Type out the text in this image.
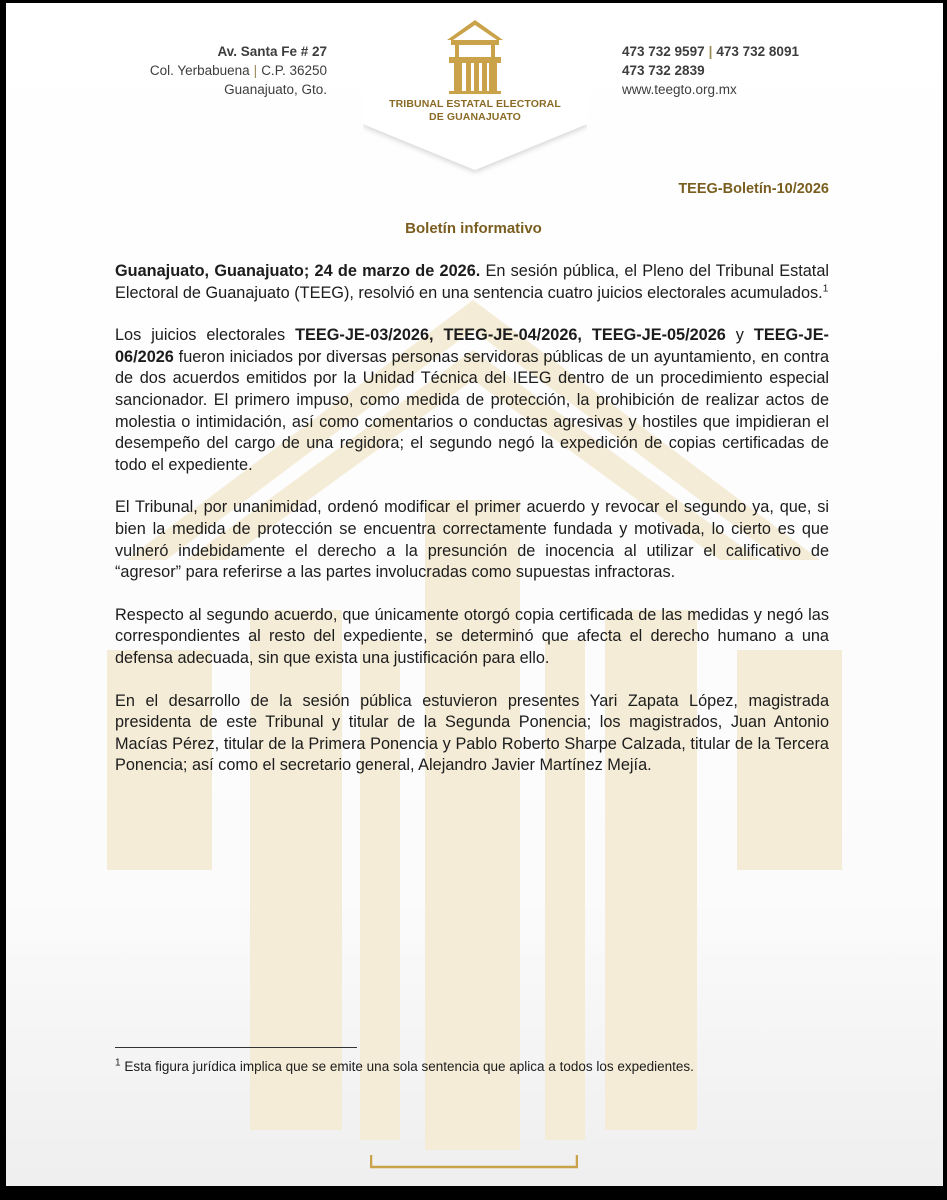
TRIBUNAL ESTATAL ELECTORAL
DE GUANAJUATO
Av. Santa Fe # 27
Col. Yerbabuena | C.P. 36250
Guanajuato, Gto.
473 732 9597 | 473 732 8091
473 732 2839
www.teegto.org.mx
TEEG-Boletín-10/2026
Boletín informativo

Guanajuato, Guanajuato; 24 de marzo de 2026. En sesión pública, el Pleno del Tribunal Estatal Electoral de Guanajuato (TEEG), resolvió en una sentencia cuatro juicios electorales acumulados.$^1$

Los juicios electorales TEEG-JE-03/2026, TEEG-JE-04/2026, TEEG-JE-05/2026 y TEEG-JE-06/2026 fueron iniciados por diversas personas servidoras públicas de un ayuntamiento, en contra de dos acuerdos emitidos por la Unidad Técnica del IEEG dentro de un procedimiento especial sancionador. El primero impuso, como medida de protección, la prohibición de realizar actos de molestia o intimidación, así como comentarios o conductas agresivas y hostiles que impidieran el desempeño del cargo de una regidora; el segundo negó la expedición de copias certificadas de todo el expediente.

El Tribunal, por unanimidad, ordenó modificar el primer acuerdo y revocar el segundo ya, que, si bien la medida de protección se encuentra correctamente fundada y motivada, lo cierto es que vulneró indebidamente el derecho a la presunción de inocencia al utilizar el calificativo de “agresor” para referirse a las partes involucradas como supuestas infractoras.

Respecto al segundo acuerdo, que únicamente otorgó copia certificada de las medidas y negó las correspondientes al resto del expediente, se determinó que afecta el derecho humano a una defensa adecuada, sin que exista una justificación para ello.

En el desarrollo de la sesión pública estuvieron presentes Yari Zapata López, magistrada presidenta de este Tribunal y titular de la Segunda Ponencia; los magistrados, Juan Antonio Macías Pérez, titular de la Primera Ponencia y Pablo Roberto Sharpe Calzada, titular de la Tercera Ponencia; así como el secretario general, Alejandro Javier Martínez Mejía.

$^1$ Esta figura jurídica implica que se emite una sola sentencia que aplica a todos los expedientes.
